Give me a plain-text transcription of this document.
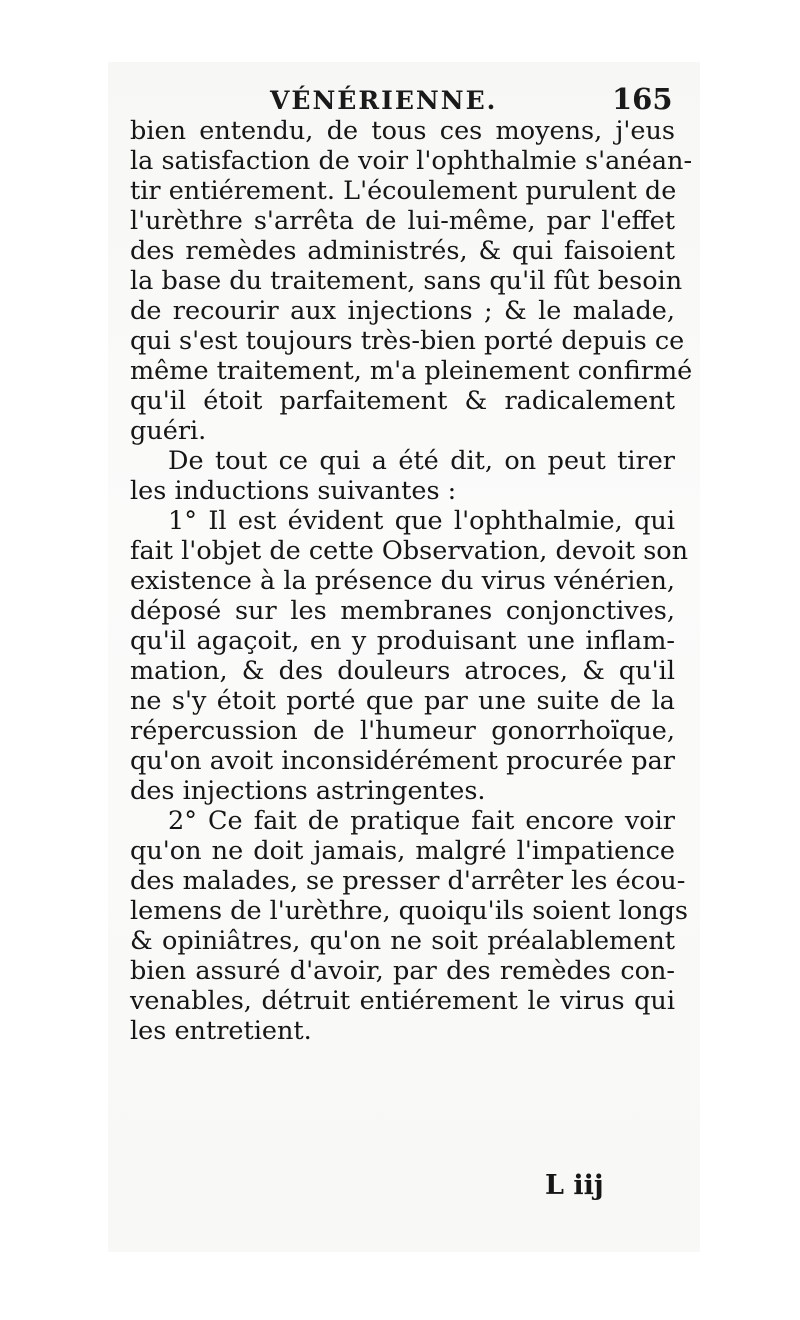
VÉNÉRIENNE.	165
bien entendu, de tous ces moyens, j'eus
la satisfaction de voir l'ophthalmie s'anéan-
tir entiérement. L'écoulement purulent de
l'urèthre s'arrêta de lui-même, par l'effet
des remèdes administrés, & qui faisoient
la base du traitement, sans qu'il fût besoin
de recourir aux injections ; & le malade,
qui s'est toujours très-bien porté depuis ce
même traitement, m'a pleinement confirmé
qu'il étoit parfaitement & radicalement
guéri.
De tout ce qui a été dit, on peut tirer
les inductions suivantes :
1° Il est évident que l'ophthalmie, qui
fait l'objet de cette Observation, devoit son
existence à la présence du virus vénérien,
déposé sur les membranes conjonctives,
qu'il agaçoit, en y produisant une inflam-
mation, & des douleurs atroces, & qu'il
ne s'y étoit porté que par une suite de la
répercussion de l'humeur gonorrhoïque,
qu'on avoit inconsidérément procurée par
des injections astringentes.
2° Ce fait de pratique fait encore voir
qu'on ne doit jamais, malgré l'impatience
des malades, se presser d'arrêter les écou-
lemens de l'urèthre, quoiqu'ils soient longs
& opiniâtres, qu'on ne soit préalablement
bien assuré d'avoir, par des remèdes con-
venables, détruit entiérement le virus qui
les entretient.
L iij
